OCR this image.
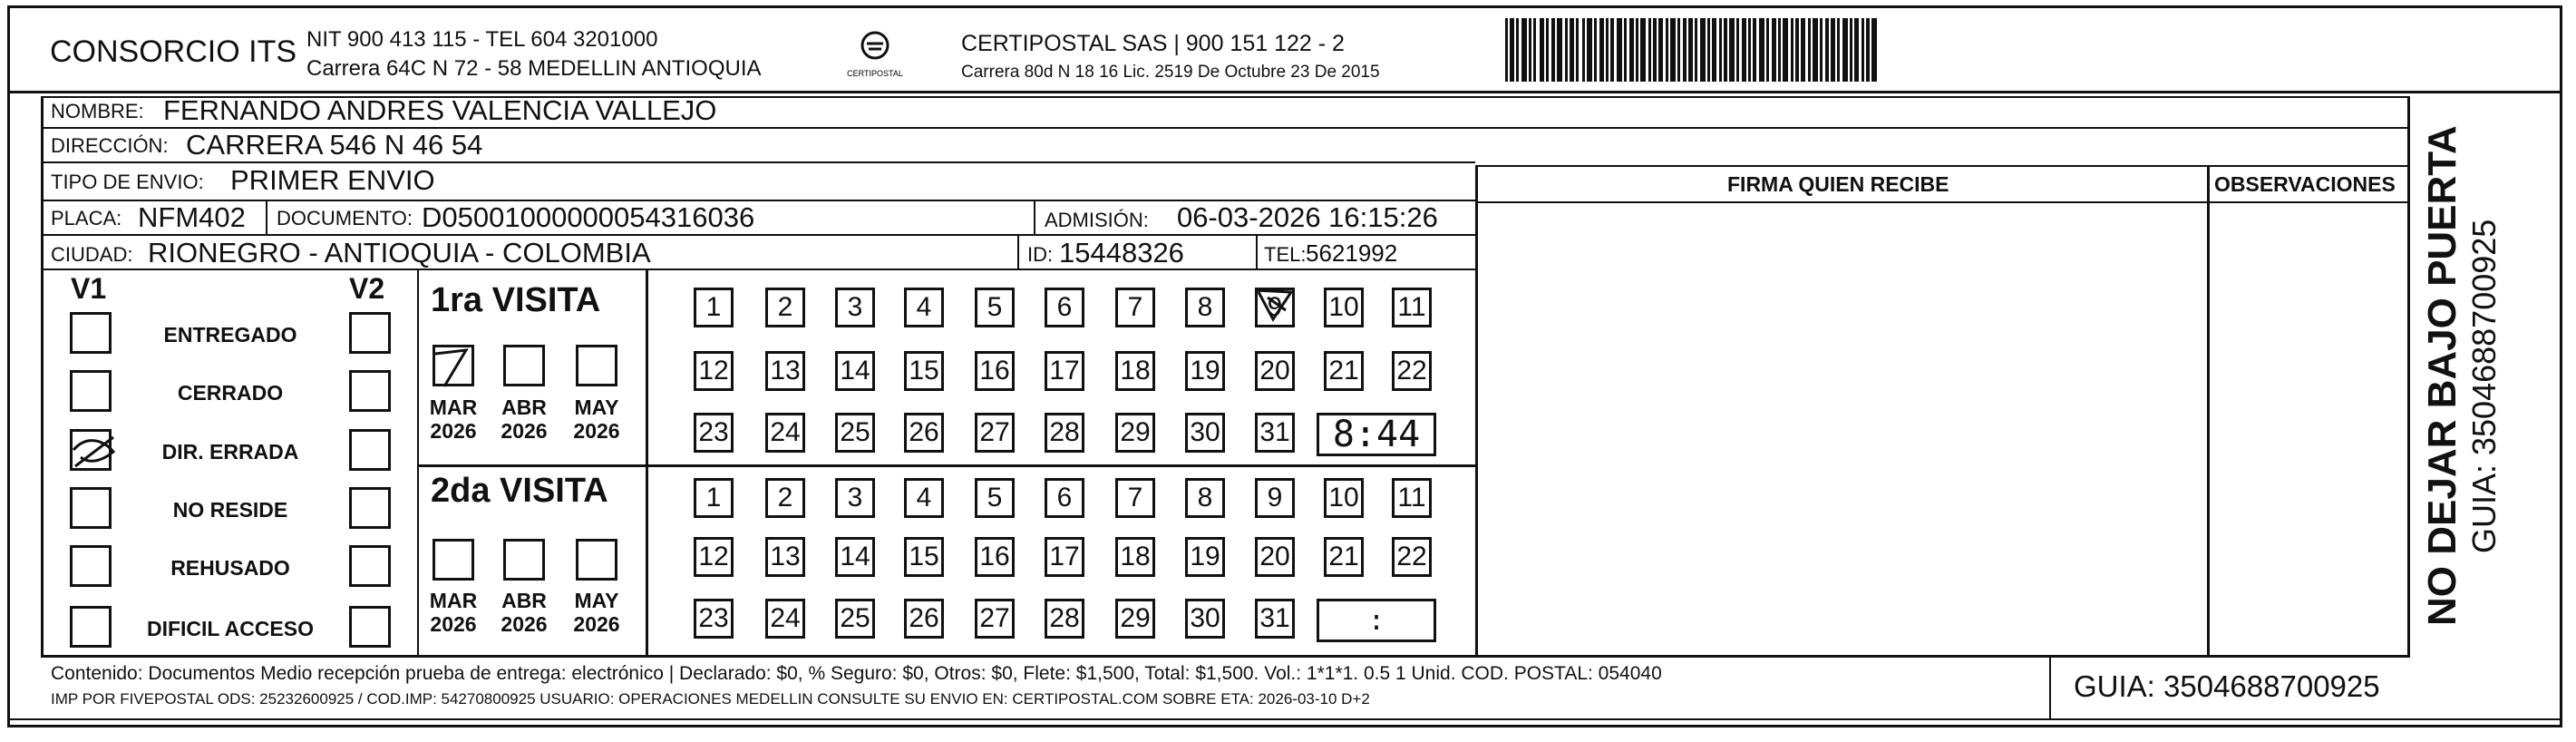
CONSORCIO ITS NIT 900 413 115 - TEL 604 3201000
Carrera 64C N 72 - 58 MEDELLIN ANTIOQUIA	CERTIPOSTAL
CERTIPOSTAL SAS | 900 151 122 - 2
Carrera 80d N 18 16 Lic. 2519 De Octubre 23 De 2015
NOMBRE: FERNANDO ANDRES VALENCIA VALLEJO
DIRECCIÓN: CARRERA 546 N 46 54
TIPO DE ENVIO: PRIMER ENVIO	FIRMA QUIEN RECIBE	OBSERVACIONES
PLACA: NFM402 DOCUMENTO: D05001000000054316036	ADMISIÓN: 06-03-2026 16:15:26
CIUDAD: RIONEGRO - ANTIOQUIA - COLOMBIA	ID: 15448326	TEL: 5621992
V1	V2
ENTREGADO
CERRADO
DIR. ERRADA
NO RESIDE
REHUSADO
DIFICIL ACCESO
1ra VISITA
2da VISITA
MAR
2026
ABR
2026
MAY
2026
MAR
2026
ABR
2026
MAY
2026
1	2	3	4	5	6	7	8	9	10 11
12 13 14 15 16 17 18 19 20 21 22
23 24 25 26 27 28 29 30 31	8:44
1	2	3	4	5	6	7	8	9	10 11
12 13 14 15 16 17 18 19 20 21 22
23 24 25 26 27 28 29 30 31	:
Contenido: Documentos Medio recepción prueba de entrega: electrónico | Declarado: $0, % Seguro: $0, Otros: $0, Flete: $1,500, Total: $1,500. Vol.: 1*1*1. 0.5 1 Unid. COD. POSTAL: 054040
IMP POR FIVEPOSTAL ODS: 25232600925 / COD.IMP: 54270800925 USUARIO: OPERACIONES MEDELLIN CONSULTE SU ENVIO EN: CERTIPOSTAL.COM SOBRE ETA: 2026-03-10 D+2	GUIA: 3504688700925
NO DEJAR BAJO PUERTA GUIA: 3504688700925
